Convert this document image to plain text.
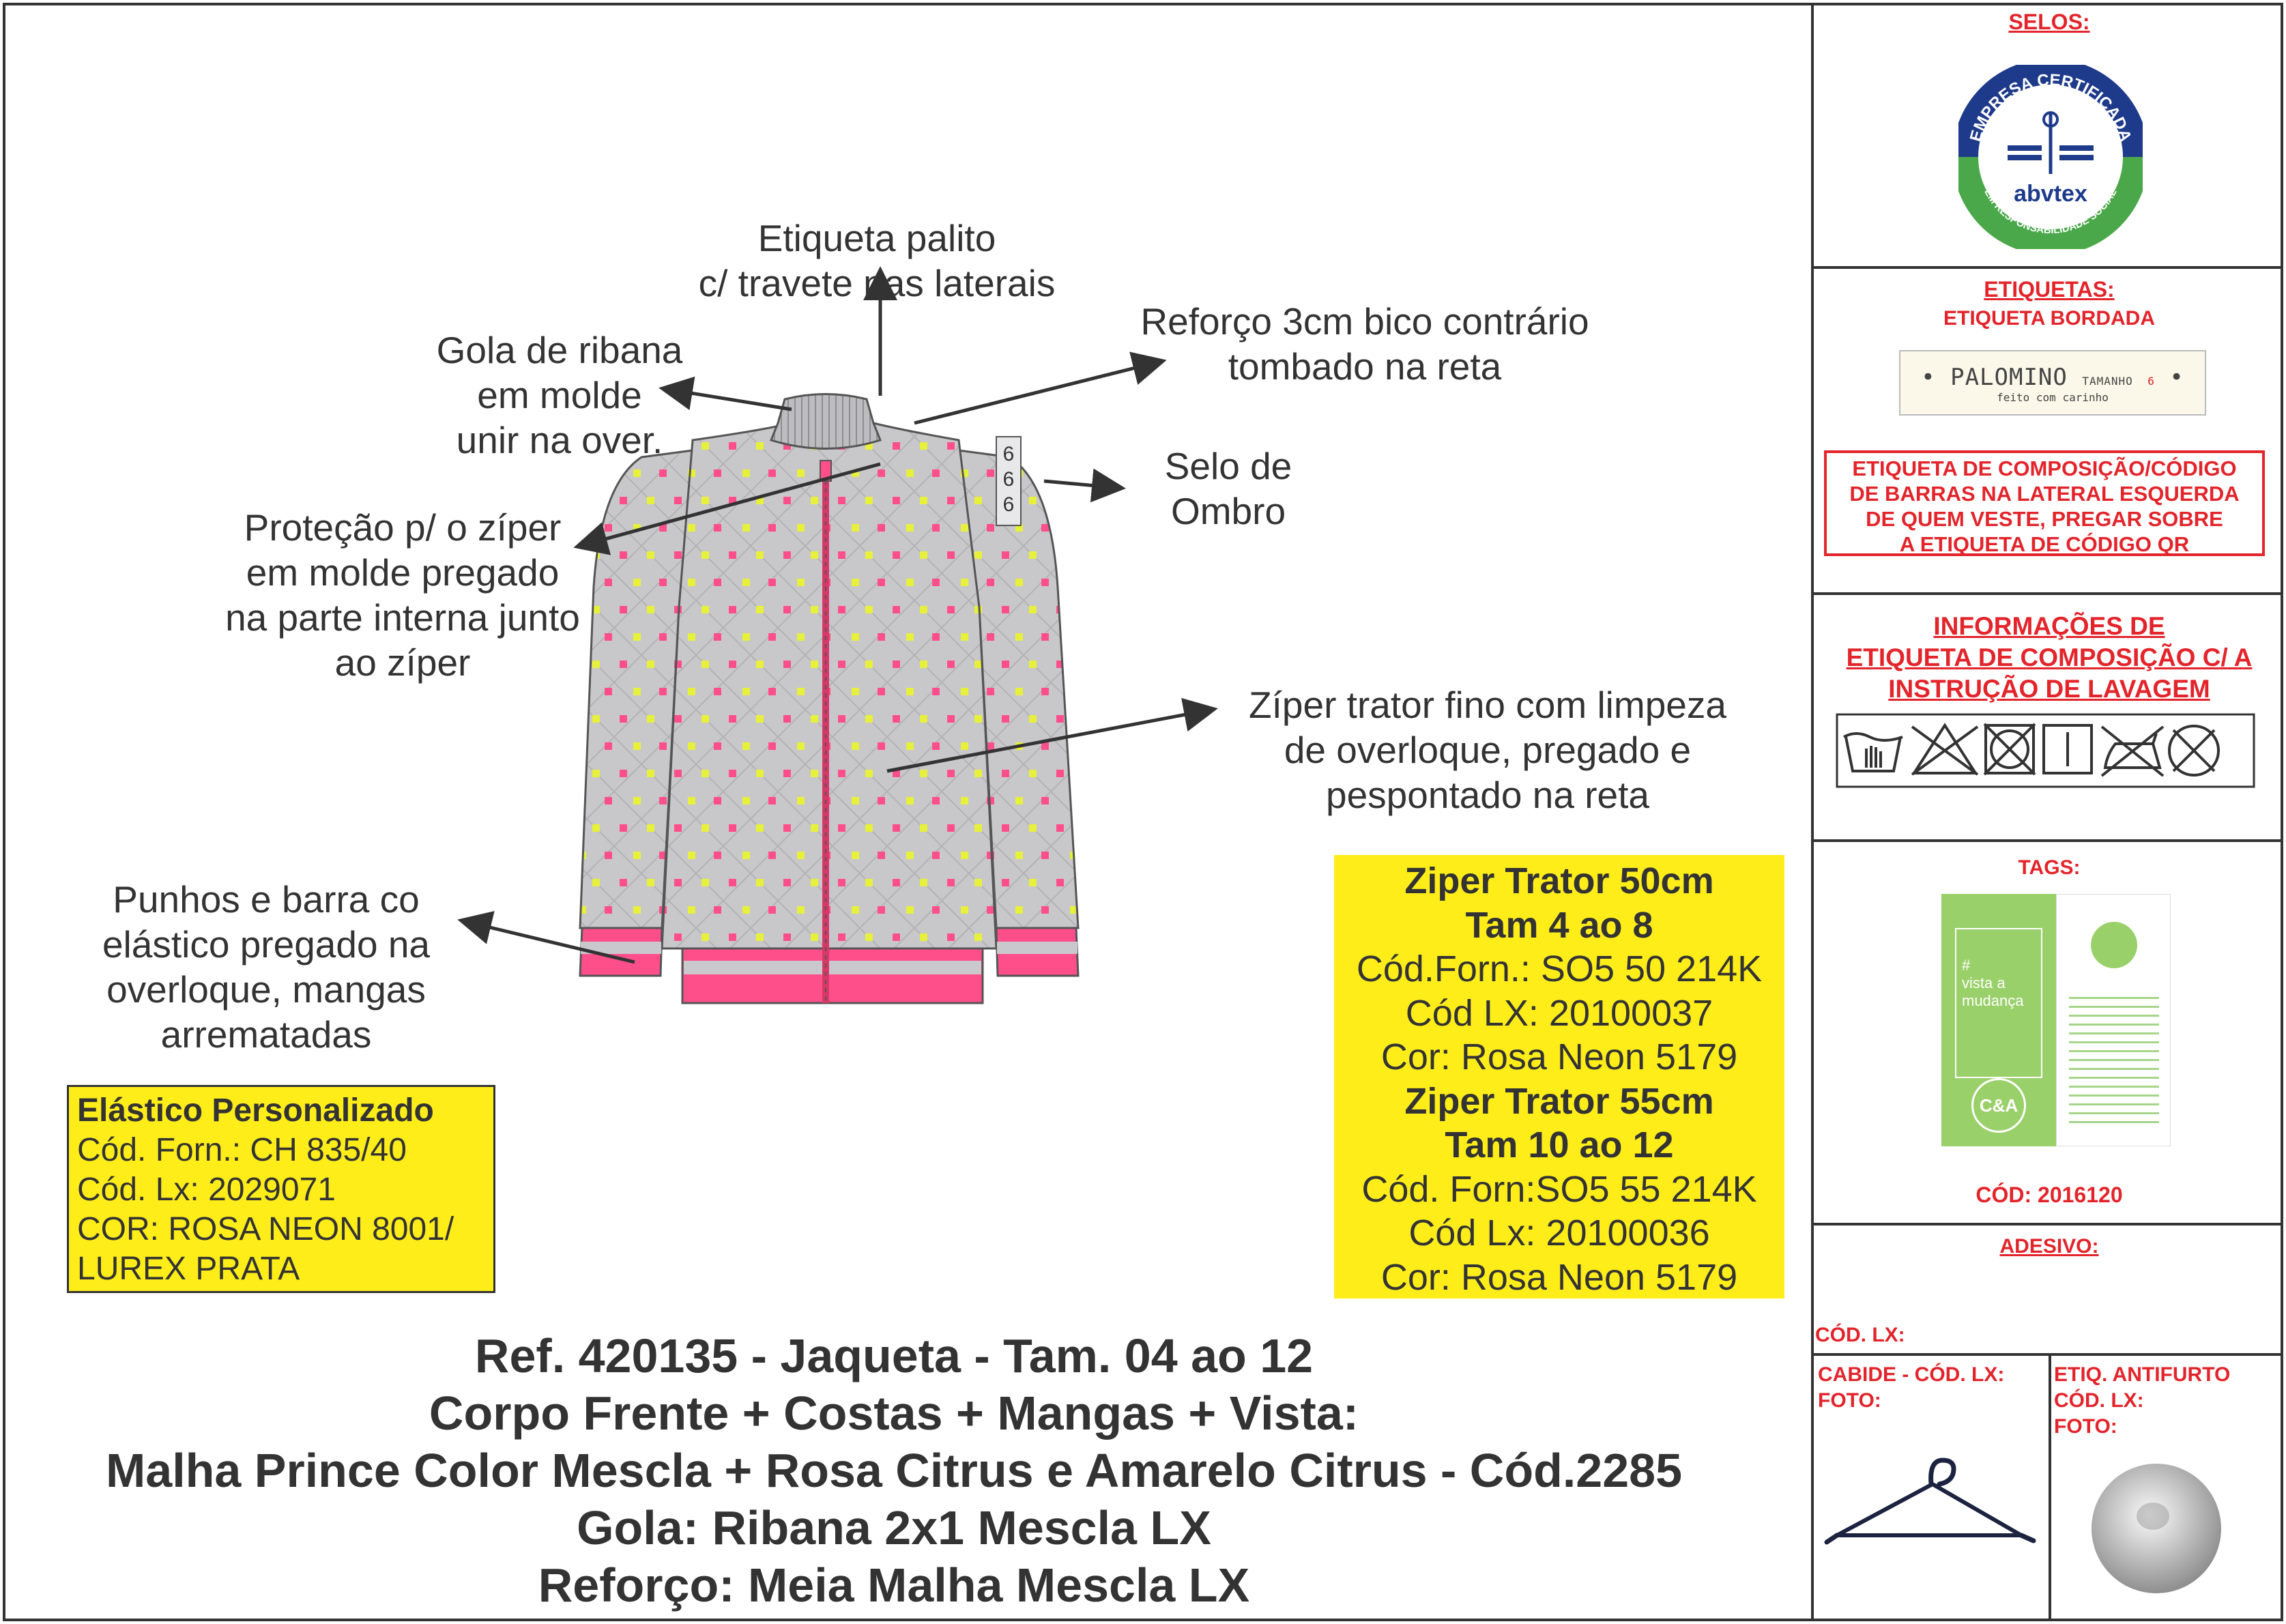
6
6
6
Etiqueta palito
c/ travete nas laterais
Gola de ribana
em molde
unir na over.
Reforço 3cm bico contrário
tombado na reta
Selo de
Ombro
Proteção p/ o zíper
em molde pregado
na parte interna junto
ao zíper
Zíper trator fino com limpeza
de overloque, pregado e
pespontado na reta
Punhos e barra co
elástico pregado na
overloque, mangas
arrematadas
Elástico Personalizado
Cód. Forn.: CH 835/40
Cód. Lx: 2029071
COR: ROSA NEON 8001/
LUREX PRATA
Ziper Trator 50cm
Tam 4 ao 8
Cód.Forn.: SO5 50 214K
Cód LX: 20100037
Cor: Rosa Neon 5179
Ziper Trator 55cm
Tam 10 ao 12
Cód. Forn:SO5 55 214K
Cód Lx: 20100036
Cor: Rosa Neon 5179
Ref. 420135 - Jaqueta - Tam. 04 ao 12
Corpo Frente + Costas + Mangas + Vista:
Malha Prince Color Mescla + Rosa Citrus e Amarelo Citrus - Cód.2285
Gola: Ribana 2x1 Mescla LX
Reforço: Meia Malha Mescla LX
SELOS:
EMPRESA CERTIFICADA
EM RESPONSABILIDADE SOCIAL
abvtex
ETIQUETAS:
ETIQUETA BORDADA
• PALOMINO TAMANHO 6 •
feito com carinho
ETIQUETA DE COMPOSIÇÃO/CÓDIGO
DE BARRAS NA LATERAL ESQUERDA
DE QUEM VESTE, PREGAR SOBRE
A ETIQUETA DE CÓDIGO QR
INFORMAÇÕES DE
ETIQUETA DE COMPOSIÇÃO C/ A
INSTRUÇÃO DE LAVAGEM
TAGS:
#
vista a
mudança
C&A
CÓD: 2016120
ADESIVO:
CÓD. LX:
CABIDE - CÓD. LX:
FOTO:
ETIQ. ANTIFURTO
CÓD. LX:
FOTO:
